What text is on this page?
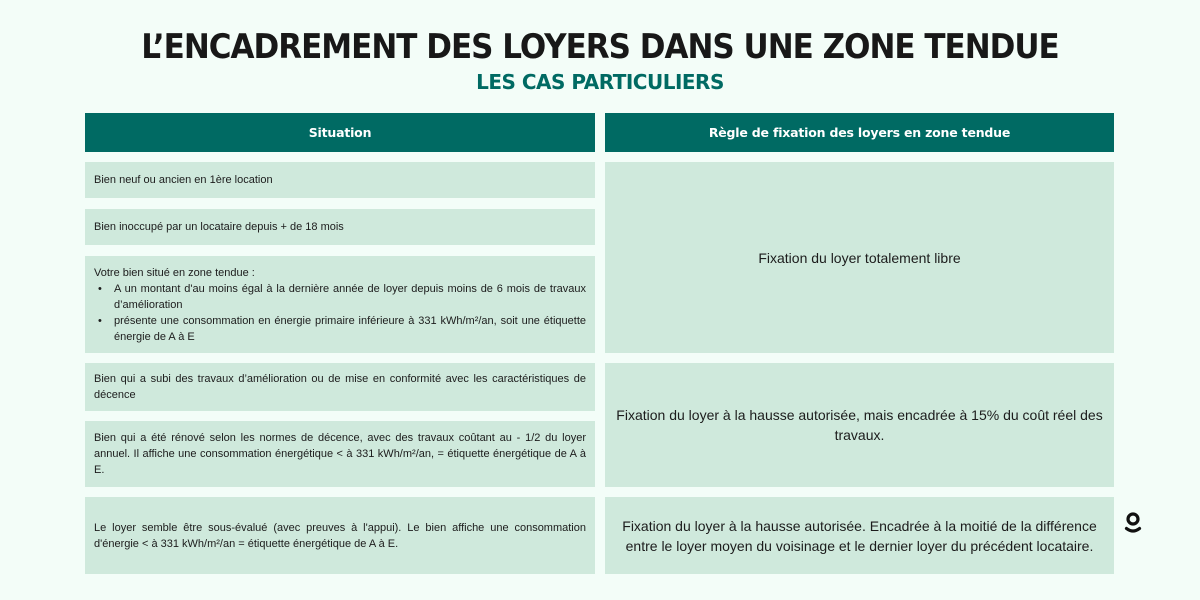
L’ENCADREMENT DES LOYERS DANS UNE ZONE TENDUE
LES CAS PARTICULIERS
Situation	Règle de fixation des loyers en zone tendue
Bien neuf ou ancien en 1ère location
Bien inoccupé par un locataire depuis + de 18 mois
Votre bien situé en zone tendue :
• A un montant d'au moins égal à la dernière année de loyer depuis moins de 6 mois de travaux d’amélioration
• présente une consommation en énergie primaire inférieure à 331 kWh/m²/an, soit une étiquette énergie de A à E
Bien qui a subi des travaux d’amélioration ou de mise en conformité avec les caractéristiques de décence
Bien qui a été rénové selon les normes de décence, avec des travaux coûtant au - 1/2 du loyer annuel. Il affiche une consommation énergétique < à 331 kWh/m²/an, = étiquette énergétique de A à E.
Le loyer semble être sous-évalué (avec preuves à l'appui). Le bien affiche une consommation d'énergie < à 331 kWh/m²/an = étiquette énergétique de A à E.
Fixation du loyer totalement libre
Fixation du loyer à la hausse autorisée, mais encadrée à 15% du coût réel des travaux.
Fixation du loyer à la hausse autorisée. Encadrée à la moitié de la différence entre le loyer moyen du voisinage et le dernier loyer du précédent locataire.
